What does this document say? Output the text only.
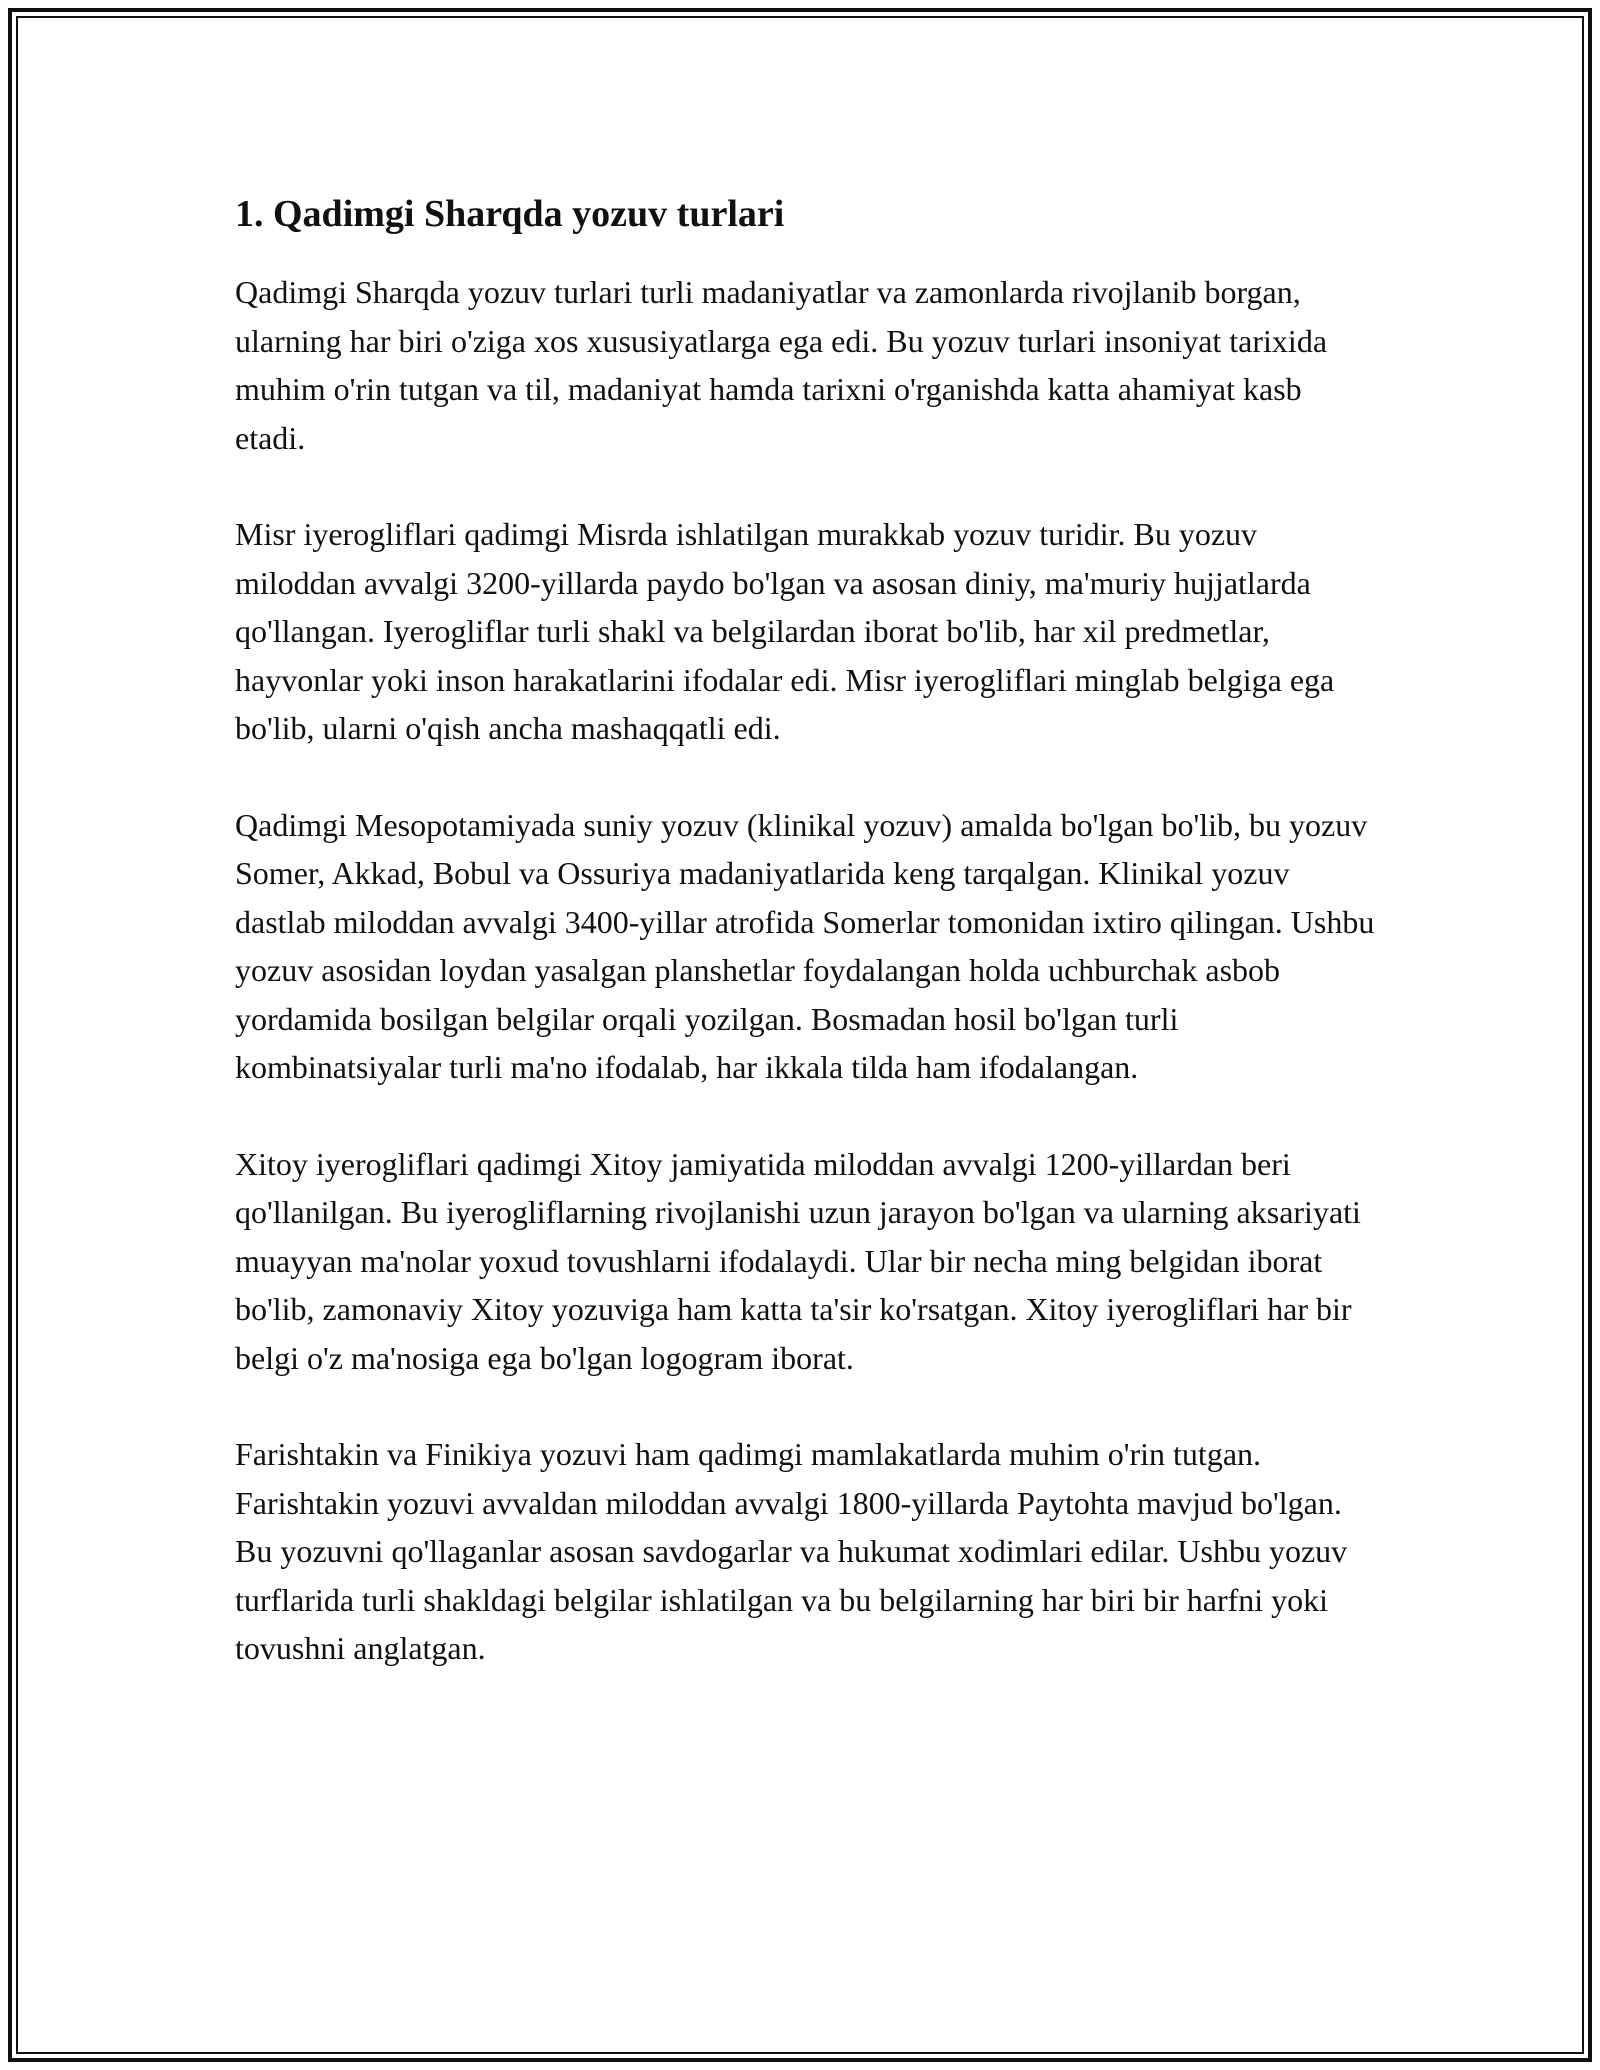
1. Qadimgi Sharqda yozuv turlari

Qadimgi Sharqda yozuv turlari turli madaniyatlar va zamonlarda rivojlanib borgan, ularning har biri o'ziga xos xususiyatlarga ega edi. Bu yozuv turlari insoniyat tarixida muhim o'rin tutgan va til, madaniyat hamda tarixni o'rganishda katta ahamiyat kasb etadi.

Misr iyerogliflari qadimgi Misrda ishlatilgan murakkab yozuv turidir. Bu yozuv miloddan avvalgi 3200-yillarda paydo bo'lgan va asosan diniy, ma'muriy hujjatlarda qo'llangan. Iyerogliflar turli shakl va belgilardan iborat bo'lib, har xil predmetlar, hayvonlar yoki inson harakatlarini ifodalar edi. Misr iyerogliflari minglab belgiga ega bo'lib, ularni o'qish ancha mashaqqatli edi.

Qadimgi Mesopotamiyada suniy yozuv (klinikal yozuv) amalda bo'lgan bo'lib, bu yozuv Somer, Akkad, Bobul va Ossuriya madaniyatlarida keng tarqalgan. Klinikal yozuv dastlab miloddan avvalgi 3400-yillar atrofida Somerlar tomonidan ixtiro qilingan. Ushbu yozuv asosidan loydan yasalgan planshetlar foydalangan holda uchburchak asbob yordamida bosilgan belgilar orqali yozilgan. Bosmadan hosil bo'lgan turli kombinatsiyalar turli ma'no ifodalab, har ikkala tilda ham ifodalangan.

Xitoy iyerogliflari qadimgi Xitoy jamiyatida miloddan avvalgi 1200-yillardan beri qo'llanilgan. Bu iyerogliflarning rivojlanishi uzun jarayon bo'lgan va ularning aksariyati muayyan ma'nolar yoxud tovushlarni ifodalaydi. Ular bir necha ming belgidan iborat bo'lib, zamonaviy Xitoy yozuviga ham katta ta'sir ko'rsatgan. Xitoy iyerogliflari har bir belgi o'z ma'nosiga ega bo'lgan logogram iborat.

Farishtakin va Finikiya yozuvi ham qadimgi mamlakatlarda muhim o'rin tutgan. Farishtakin yozuvi avvaldan miloddan avvalgi 1800-yillarda Paytohta mavjud bo'lgan. Bu yozuvni qo'llaganlar asosan savdogarlar va hukumat xodimlari edilar. Ushbu yozuv turflarida turli shakldagi belgilar ishlatilgan va bu belgilarning har biri bir harfni yoki tovushni anglatgan.
